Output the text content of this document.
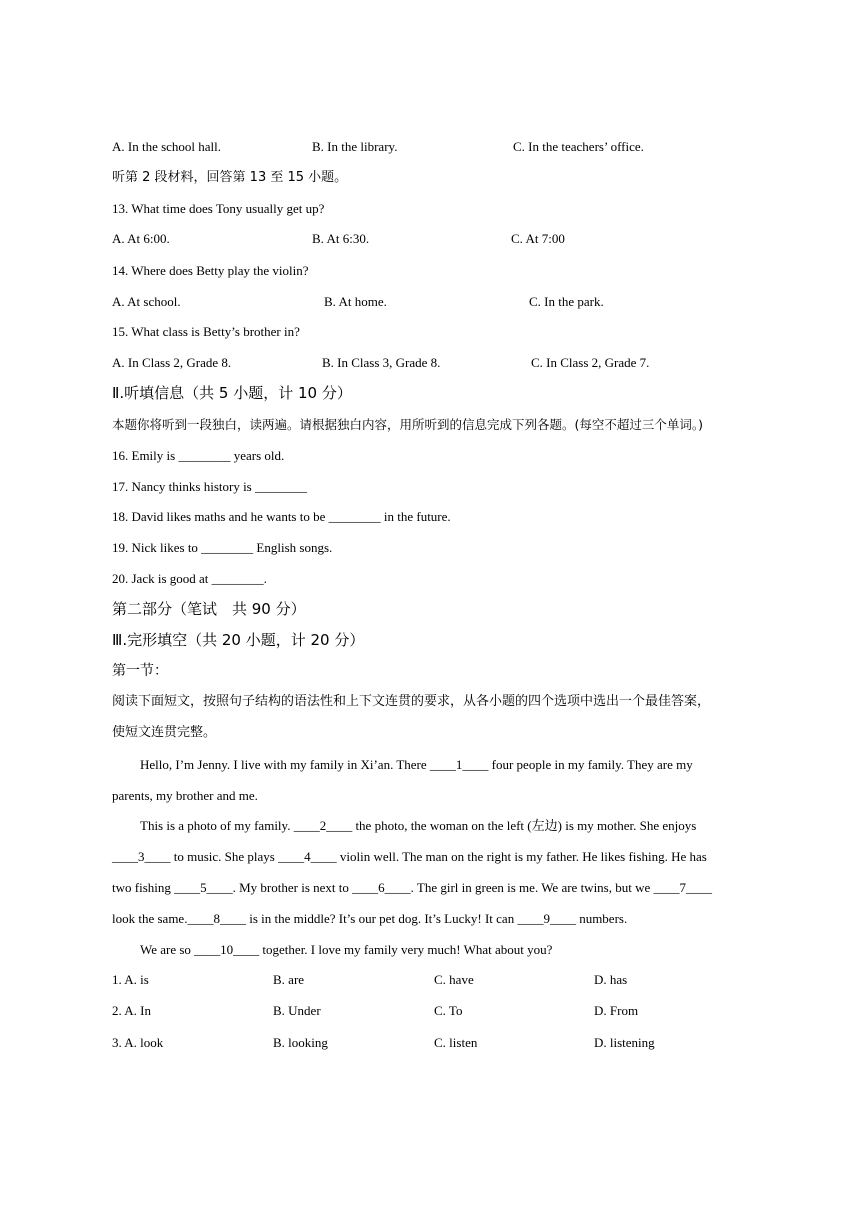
A. In the school hall.	B. In the library.	C. In the teachers’ office.
听第 2 段材料，回答第 13 至 15 小题。
13. What time does Tony usually get up?
A. At 6:00.	B. At 6:30.	C. At 7:00
14. Where does Betty play the violin?
A. At school.	B. At home.	C. In the park.
15. What class is Betty’s brother in?
A. In Class 2, Grade 8.	B. In Class 3, Grade 8.	C. In Class 2, Grade 7.
Ⅱ.听填信息（共 5 小题，计 10 分）
本题你将听到一段独白，读两遍。请根据独白内容，用所听到的信息完成下列各题。(每空不超过三个单词。)
16. Emily is ________ years old.
17. Nancy thinks history is ________
18. David likes maths and he wants to be ________ in the future.
19. Nick likes to ________ English songs.
20. Jack is good at ________.
第二部分（笔试　共 90 分）
Ⅲ.完形填空（共 20 小题，计 20 分）
第一节：
阅读下面短文，按照句子结构的语法性和上下文连贯的要求，从各小题的四个选项中选出一个最佳答案，
使短文连贯完整。
Hello, I’m Jenny. I live with my family in Xi’an. There ____1____ four people in my family. They are my
parents, my brother and me.
This is a photo of my family. ____2____ the photo, the woman on the left (左边) is my mother. She enjoys
____3____ to music. She plays ____4____ violin well. The man on the right is my father. He likes fishing. He has
two fishing ____5____. My brother is next to ____6____. The girl in green is me. We are twins, but we ____7____
look the same.____8____ is in the middle? It’s our pet dog. It’s Lucky! It can ____9____ numbers.
We are so ____10____ together. I love my family very much! What about you?
1. A. is	B. are	C. have	D. has
2. A. In	B. Under	C. To	D. From
3. A. look	B. looking	C. listen	D. listening
